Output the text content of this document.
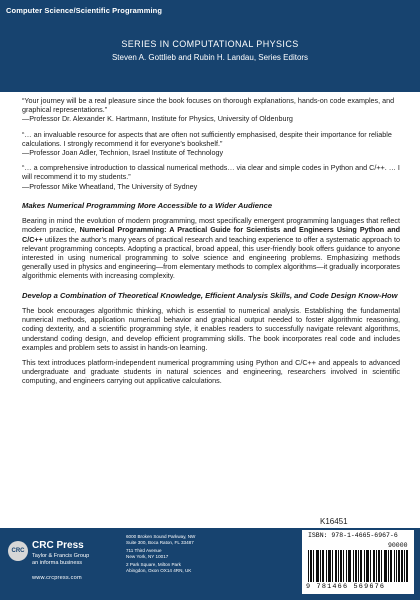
Computer Science/Scientific Programming
SERIES IN COMPUTATIONAL PHYSICS
Steven A. Gottlieb and Rubin H. Landau, Series Editors

“Your journey will be a real pleasure since the book focuses on thorough explanations, hands-on code examples, and graphical representations.”

—Professor Dr. Alexander K. Hartmann, Institute for Physics, University of Oldenburg

“… an invaluable resource for aspects that are often not sufficiently emphasised, despite their importance for reliable calculations. I strongly recommend it for everyone’s bookshelf.”

—Professor Joan Adler, Technion, Israel Institute of Technology

“… a comprehensive introduction to classical numerical methods… via clear and simple codes in Python and C/++. … I will recommend it to my students.”

—Professor Mike Wheatland, The University of Sydney

Makes Numerical Programming More Accessible to a Wider Audience

Bearing in mind the evolution of modern programming, most specifically emergent programming languages that reflect modern practice, Numerical Programming: A Practical Guide for Scientists and Engineers Using Python and C/C++ utilizes the author’s many years of practical research and teaching experience to offer a systematic approach to relevant programming concepts. Adopting a practical, broad appeal, this user-friendly book offers guidance to anyone interested in using numerical programming to solve science and engineering problems. Emphasizing methods generally used in physics and engineering—from elementary methods to complex algorithms—it gradually incorporates algorithmic elements with increasing complexity.

Develop a Combination of Theoretical Knowledge, Efficient Analysis Skills, and Code Design Know-How

The book encourages algorithmic thinking, which is essential to numerical analysis. Establishing the fundamental numerical methods, application numerical behavior and graphical output needed to foster algorithmic reasoning, coding dexterity, and a scientific programming style, it enables readers to successfully navigate relevant algorithms, understand coding design, and develop efficient programming skills. The book incorporates real code and includes examples and problem sets to assist in hands-on learning.

This text introduces platform-independent numerical programming using Python and C/C++ and appeals to advanced undergraduate and graduate students in natural sciences and engineering, researchers involved in scientific computing, and engineers carrying out applicative calculations.

K16451
CRC CRC Press
Taylor & Francis Group
an informa business
www.crcpress.com
6000 Broken Sound Parkway, NW
Suite 300, Boca Raton, FL 33487
711 Third Avenue
New York, NY 10017
2 Park Square, Milton Park
Abingdon, Oxon OX14 4RN, UK
ISBN: 978-1-4665-6967-6
90000
9 781466 569676
